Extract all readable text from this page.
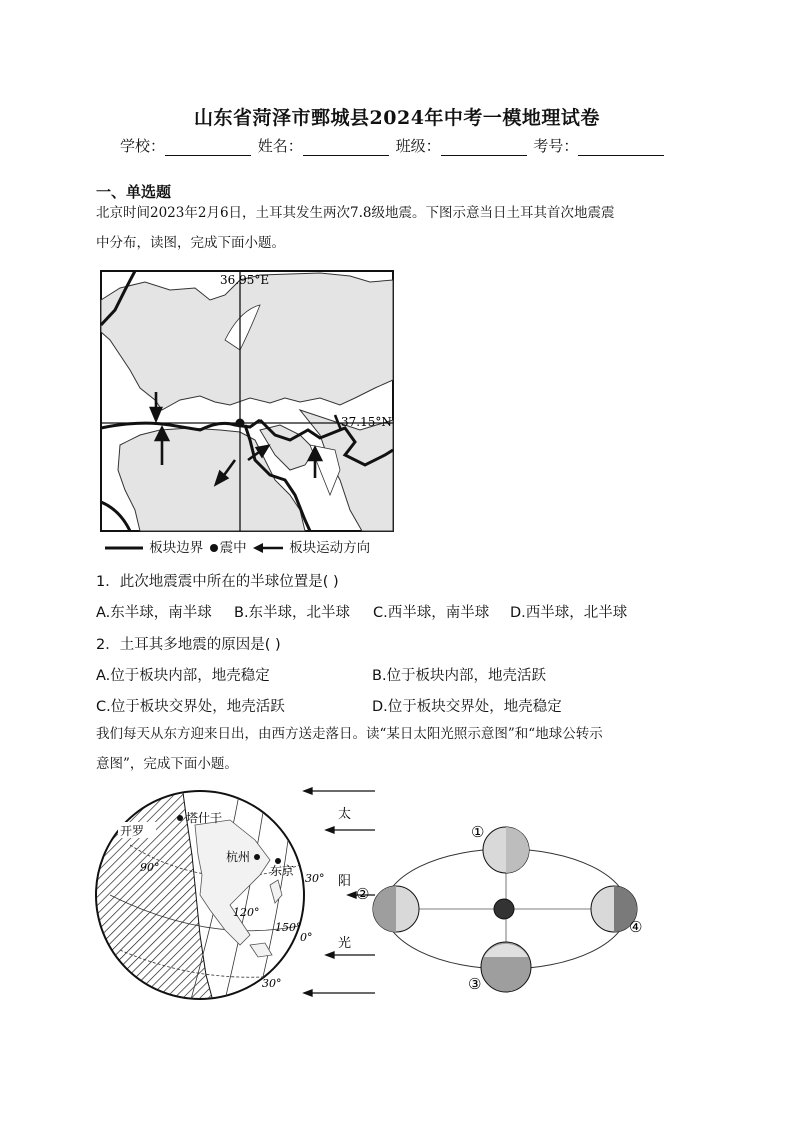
山东省菏泽市鄄城县2024年中考一模地理试卷
学校：	姓名：	班级：	考号：
一、单选题
北京时间2023年2月6日，土耳其发生两次7.8级地震。下图示意当日土耳其首次地震震
中分布，读图，完成下面小题。
36.95°E
37.15°N
板块边界 震中	板块运动方向
1．此次地震震中所在的半球位置是( )
A.东半球，南半球 B.东半球，北半球 C.西半球，南半球 D.西半球，北半球
2．土耳其多地震的原因是( )
A.位于板块内部，地壳稳定	B.位于板块内部，地壳活跃
C.位于板块交界处，地壳活跃	D.位于板块交界处，地壳稳定
我们每天从东方迎来日出，由西方送走落日。读“某日太阳光照示意图”和“地球公转示
意图”，完成下面小题。
开罗
塔什干
杭州
东京
90°
30°
120°
150°
0°
30°
太
阳
光
①
②
③
④
